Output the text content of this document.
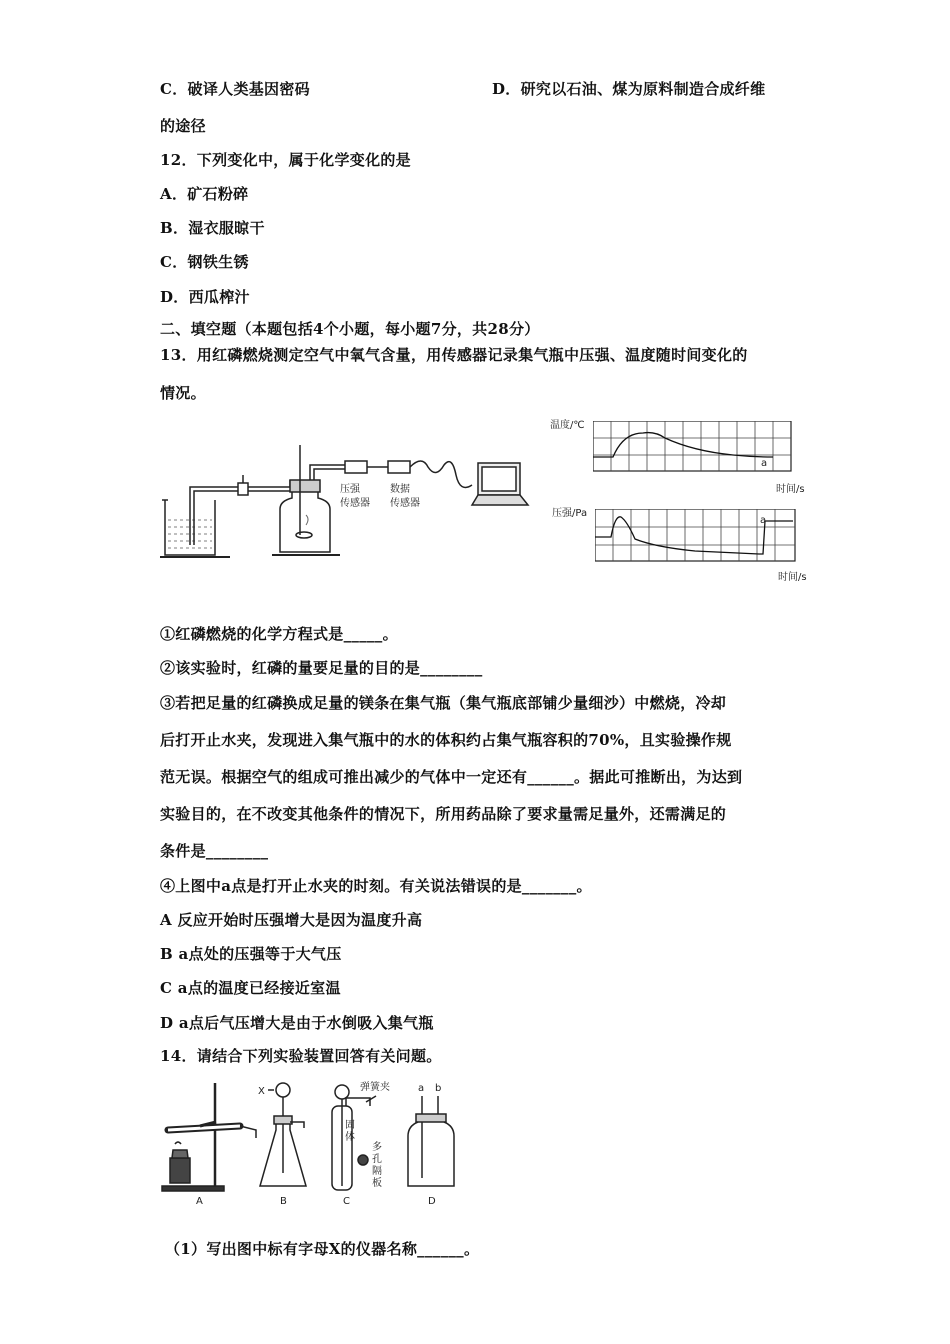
C．破译人类基因密码	D．研究以石油、煤为原料制造合成纤维
的途径
12．下列变化中，属于化学变化的是
A．矿石粉碎
B．湿衣服晾干
C．钢铁生锈
D．西瓜榨汁
二、填空题（本题包括4个小题，每小题7分，共28分）
13．用红磷燃烧测定空气中氧气含量，用传感器记录集气瓶中压强、温度随时间变化的
情况。
压强
传感器
数据
传感器
温度/℃
a
时间/s
压强/Pa
a
时间/s
①红磷燃烧的化学方程式是_____。
②该实验时，红磷的量要足量的目的是________
③若把足量的红磷换成足量的镁条在集气瓶（集气瓶底部铺少量细沙）中燃烧，冷却
后打开止水夹，发现进入集气瓶中的水的体积约占集气瓶容积的70%，且实验操作规
范无误。根据空气的组成可推出减少的气体中一定还有______。据此可推断出，为达到
实验目的，在不改变其他条件的情况下，所用药品除了要求量需足量外，还需满足的
条件是________
④上图中a点是打开止水夹的时刻。有关说法错误的是_______。
A 反应开始时压强增大是因为温度升高
B a点处的压强等于大气压
C a点的温度已经接近室温
D a点后气压增大是由于水倒吸入集气瓶
14．请结合下列实验装置回答有关问题。
X	弹簧夹
固
体
多
孔
隔
板
a b
A	B	C	D
（1）写出图中标有字母X的仪器名称______。
